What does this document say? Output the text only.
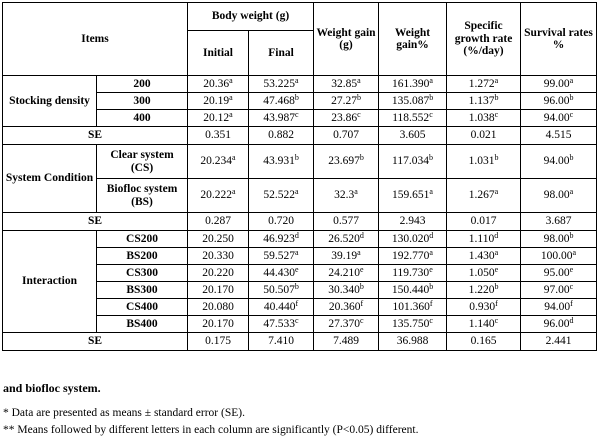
Items		Body weight (g)		Weight gain (g)	Weight gain%	Specific growth rate (%/day)	Survival rates %
		Initial	Final				
Stocking density	200	20.36$^a$	53.225$^a$	32.85$^a$	161.390$^a$	1.272$^a$	99.00$^a$
	300	20.19$^a$	47.468$^b$	27.27$^b$	135.087$^b$	1.137$^b$	96.00$^b$
	400	20.12$^a$	43.987$^c$	23.86$^c$	118.552$^c$	1.038$^c$	94.00$^c$
SE		0.351	0.882	0.707	3.605	0.021	4.515
System Condition	Clear system (CS)	20.234$^a$	43.931$^b$	23.697$^b$	117.034$^b$	1.031$^b$	94.00$^b$
	Biofloc system (BS)	20.222$^a$	52.522$^a$	32.3$^a$	159.651$^a$	1.267$^a$	98.00$^a$
SE		0.287	0.720	0.577	2.943	0.017	3.687
Interaction	CS200	20.250	46.923$^d$	26.520$^d$	130.020$^d$	1.110$^d$	98.00$^b$
	BS200	20.330	59.527$^a$	39.19$^a$	192.770$^a$	1.430$^a$	100.00$^a$
	CS300	20.220	44.430e	24.210e	119.730e	1.050e	95.00e
	BS300	20.170	50.507$^b$	30.340$^b$	150.440$^b$	1.220$^b$	97.00$^c$
	CS400	20.080	40.440$^f$	20.360$^f$	101.360$^f$	0.930$^f$	94.00$^f$
	BS400	20.170	47.533$^c$	27.370$^c$	135.750$^c$	1.140$^c$	96.00$^d$
SE		0.175	7.410	7.489	36.988	0.165	2.441
and biofloc system.
* Data are presented as means ± standard error (SE).
** Means followed by different letters in each column are significantly (P<0.05) different.
